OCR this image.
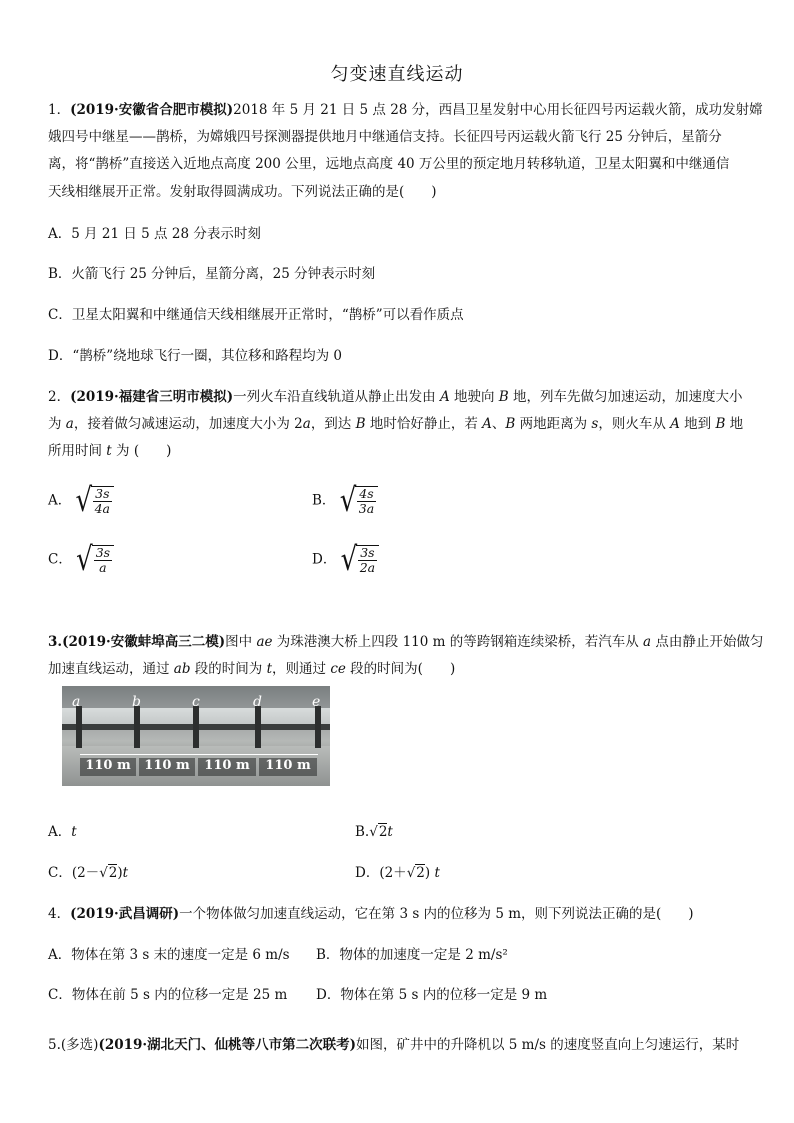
匀变速直线运动
1．(2019·安徽省合肥市模拟)2018 年 5 月 21 日 5 点 28 分，西昌卫星发射中心用长征四号丙运载火箭，成功发射嫦
娥四号中继星——鹊桥，为嫦娥四号探测器提供地月中继通信支持。长征四号丙运载火箭飞行 25 分钟后，星箭分
离，将“鹊桥”直接送入近地点高度 200 公里，远地点高度 40 万公里的预定地月转移轨道，卫星太阳翼和中继通信
天线相继展开正常。发射取得圆满成功。下列说法正确的是(　　)
A．5 月 21 日 5 点 28 分表示时刻
B．火箭飞行 25 分钟后，星箭分离，25 分钟表示时刻
C．卫星太阳翼和中继通信天线相继展开正常时，“鹊桥”可以看作质点
D．“鹊桥”绕地球飞行一圈，其位移和路程均为 0
2．(2019·福建省三明市模拟)一列火车沿直线轨道从静止出发由 A 地驶向 B 地，列车先做匀加速运动，加速度大小
为 a，接着做匀减速运动，加速度大小为 2a，到达 B 地时恰好静止，若 A、B 两地距离为 s，则火车从 A 地到 B 地
所用时间 t 为 (　　)
A． √ $\frac{3s}{4a}$	B． √ $\frac{4s}{3a}$
C． √ $\frac{3s}{a}$	D． √ $\frac{3s}{2a}$
3.(2019·安徽蚌埠高三二模)图中 ae 为珠港澳大桥上四段 110 m 的等跨钢箱连续梁桥，若汽车从 a 点由静止开始做匀
加速直线运动，通过 ab 段的时间为 t，则通过 ce 段的时间为(　　)
a	b	c	d	e
110 m	110 m	110 m	110 m
A．t	B.√2t
C．(2－√2)t	D．(2＋√2) t
4．(2019·武昌调研)一个物体做匀加速直线运动，它在第 3 s 内的位移为 5 m，则下列说法正确的是(　　)
A．物体在第 3 s 末的速度一定是 6 m/s B．物体的加速度一定是 2 m/s²
C．物体在前 5 s 内的位移一定是 25 m D．物体在第 5 s 内的位移一定是 9 m
5.(多选)(2019·湖北天门、仙桃等八市第二次联考)如图，矿井中的升降机以 5 m/s 的速度竖直向上匀速运行，某时
